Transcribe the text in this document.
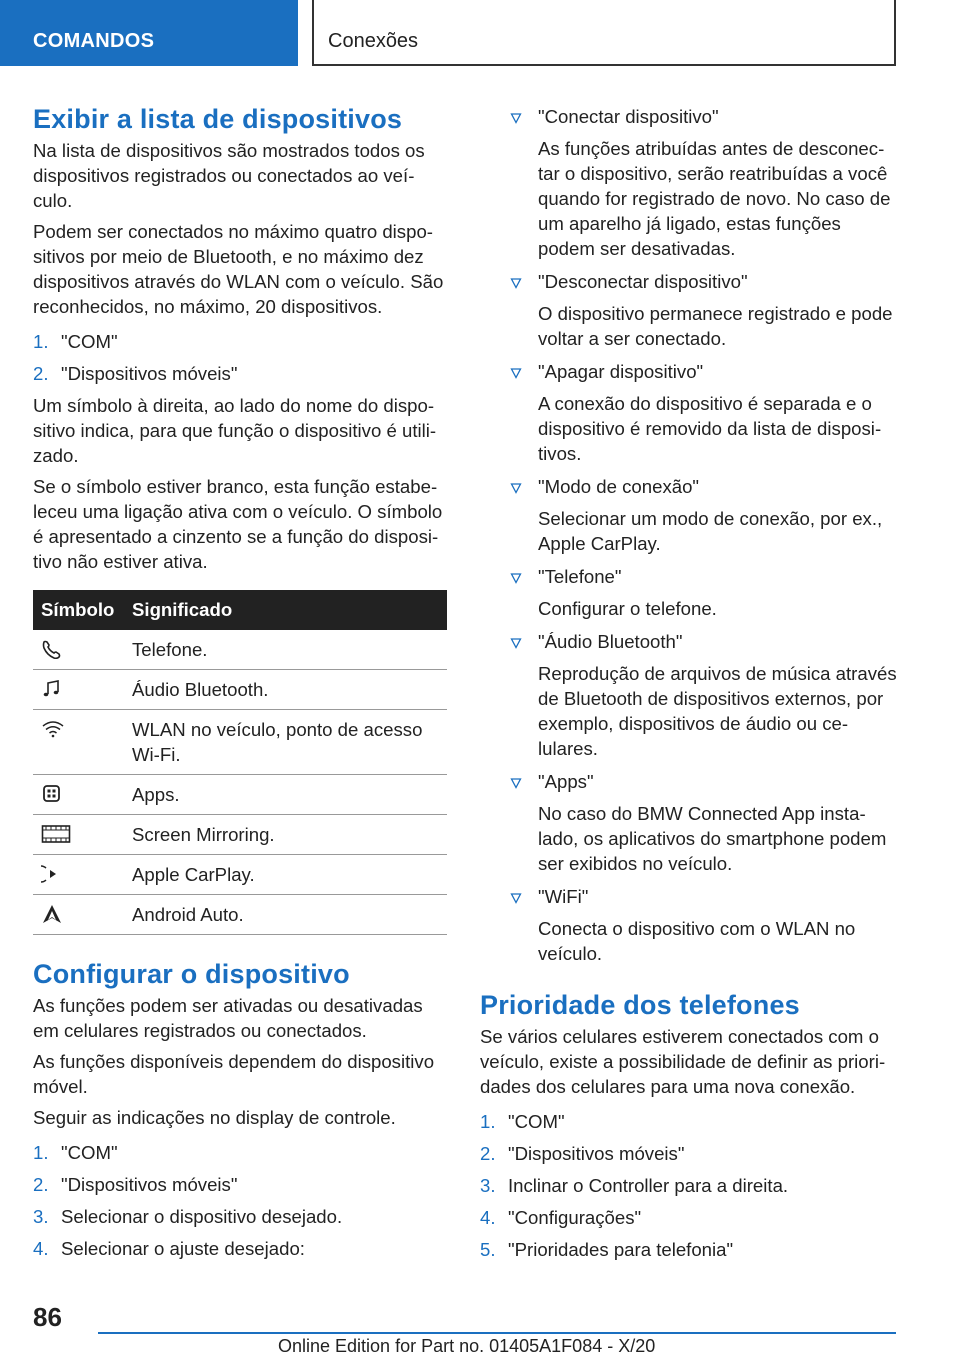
COMANDOS	Conexões
Exibir a lista de dispositivos

Na lista de dispositivos são mostrados todos os dispositivos registrados ou conectados ao veículo.

Podem ser conectados no máximo quatro dispositivos por meio de Bluetooth, e no máximo dez dispositivos através do WLAN com o veículo. São reconhecidos, no máximo, 20 dispositivos.

1. "COM"
2. "Dispositivos móveis"

Um símbolo à direita, ao lado do nome do dispositivo indica, para que função o dispositivo é utilizado.

Se o símbolo estiver branco, esta função estabeleceu uma ligação ativa com o veículo. O símbolo é apresentado a cinzento se a função do dispositivo não estiver ativa.

Símbolo	Significado

	Telefone.

	Áudio Bluetooth.

	WLAN no veículo, ponto de acesso Wi-Fi.

	Apps.

	Screen Mirroring.

	Apple CarPlay.

	Android Auto.
Configurar o dispositivo

As funções podem ser ativadas ou desativadas em celulares registrados ou conectados.

As funções disponíveis dependem do dispositivo móvel.

Seguir as indicações no display de controle.

1. "COM"
2. "Dispositivos móveis"
3. Selecionar o dispositivo desejado.
4. Selecionar o ajuste desejado:
"Conectar dispositivo"
As funções atribuídas antes de desconectar o dispositivo, serão reatribuídas a você quando for registrado de novo. No caso de um aparelho já ligado, estas funções podem ser desativadas.
"Desconectar dispositivo"
O dispositivo permanece registrado e pode voltar a ser conectado.
"Apagar dispositivo"
A conexão do dispositivo é separada e o dispositivo é removido da lista de dispositivos.
"Modo de conexão"
Selecionar um modo de conexão, por ex., Apple CarPlay.
"Telefone"
Configurar o telefone.
"Áudio Bluetooth"
Reprodução de arquivos de música através de Bluetooth de dispositivos externos, por exemplo, dispositivos de áudio ou celulares.
"Apps"
No caso do BMW Connected App instalado, os aplicativos do smartphone podem ser exibidos no veículo.
"WiFi"
Conecta o dispositivo com o WLAN no veículo.
Prioridade dos telefones

Se vários celulares estiverem conectados com o veículo, existe a possibilidade de definir as prioridades dos celulares para uma nova conexão.

1. "COM"
2. "Dispositivos móveis"
3. Inclinar o Controller para a direita.
4. "Configurações"
5. "Prioridades para telefonia"
86
Online Edition for Part no. 01405A1F084 - X/20
